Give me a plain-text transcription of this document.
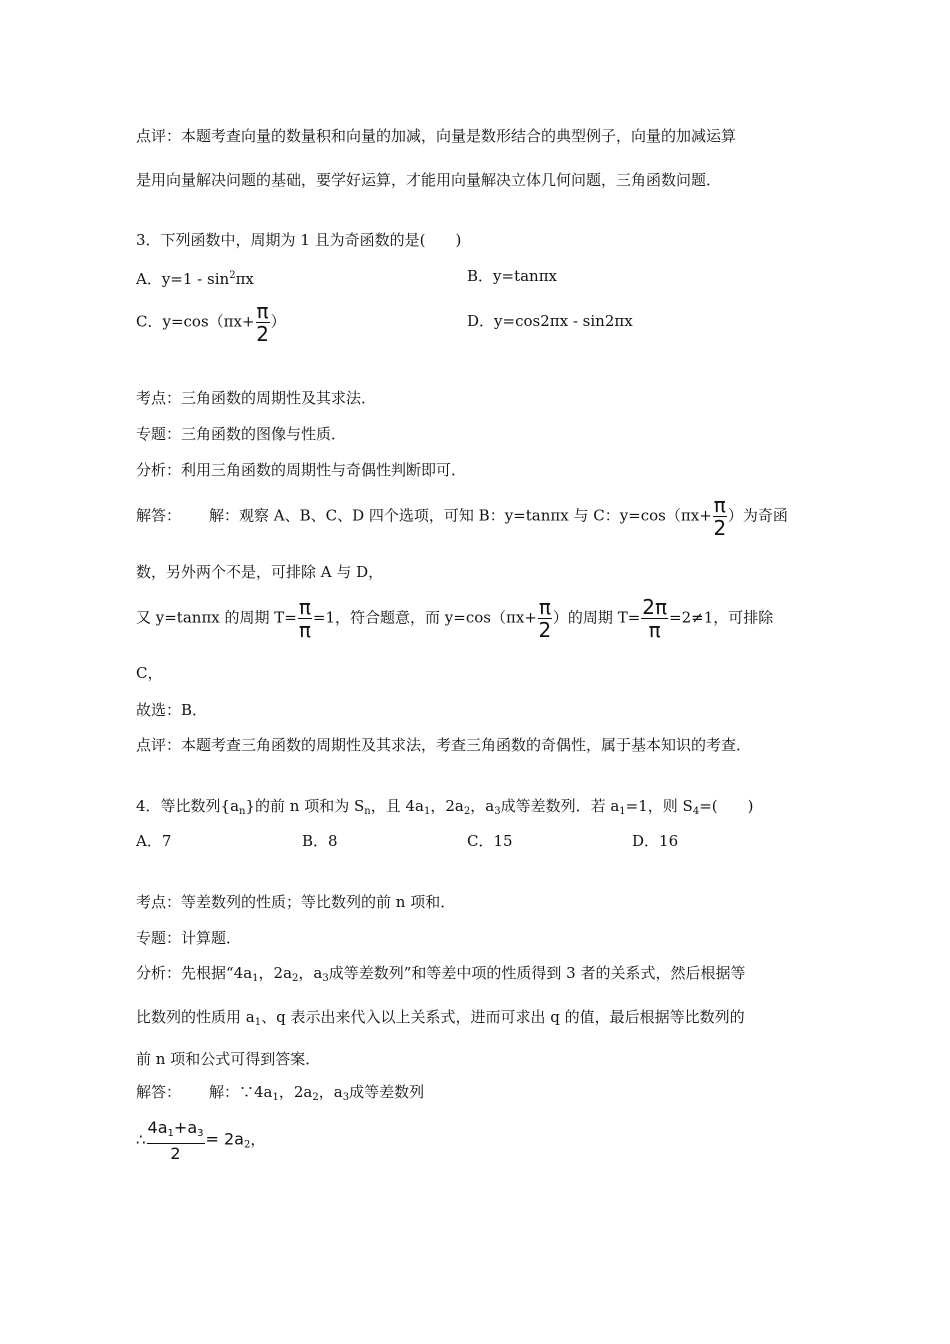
点评：本题考查向量的数量积和向量的加减，向量是数形结合的典型例子，向量的加减运算
是用向量解决问题的基础，要学好运算，才能用向量解决立体几何问题，三角函数问题．
3．下列函数中，周期为 1 且为奇函数的是(　　)
A．$y=1 - \sin^2\pi x$	B．y=tanπx
C．$y=\cos(\pi x+ \frac{\pi}{2}$ ）	D．y=cos2πx - sin2πx
考点：三角函数的周期性及其求法．
专题：三角函数的图像与性质．
分析：利用三角函数的周期性与奇偶性判断即可．
解答： 解：观察 A、B、C、D 四个选项，可知 B：y=tanπx 与 C：$y=\cos(\pi x+ \frac{\pi}{2}$ ）为奇函
数，另外两个不是，可排除 A 与 D，
又 y=tanπx 的周期 $T= \frac{\pi}{\pi} =1$，符合题意，而 $y=\cos(\pi x+ \frac{\pi}{2}$ ）的周期 $T= \frac{2\pi}{\pi} =2\ne 1$，可排除
C，
故选：B．
点评：本题考查三角函数的周期性及其求法，考查三角函数的奇偶性，属于基本知识的考查．
4．等比数列$\{a_n\}$的前 n 项和为 $S_n$，且 $4a_1$，$2a_2$，$a_3$成等差数列．若 $a_1=1$，则 $S_4=$(　　)
A．7	B．8	C．15	D．16
考点：等差数列的性质；等比数列的前 n 项和．
专题：计算题．
分析：先根据“$4a_1$，$2a_2$，$a_3$成等差数列”和等差中项的性质得到 3 者的关系式，然后根据等
比数列的性质用 $a_1$、q 表示出来代入以上关系式，进而可求出 q 的值，最后根据等比数列的
前 n 项和公式可得到答案．
解答： 解：$\because 4a_1$，$2a_2$，$a_3$成等差数列
∴ $\frac{4a_1+a_3}{2} = 2a_2$，
